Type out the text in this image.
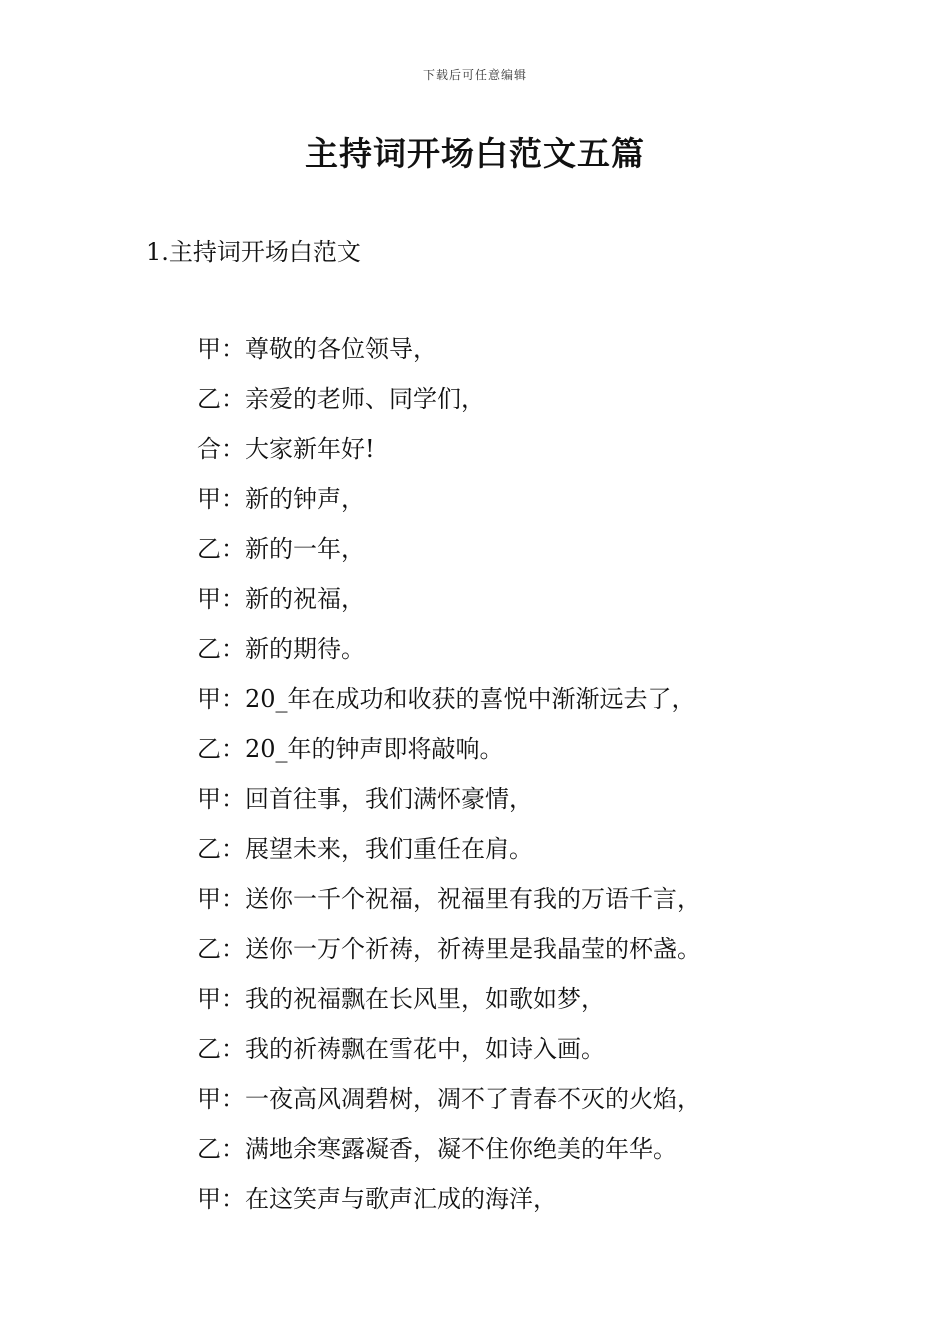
下载后可任意编辑
主持词开场白范文五篇
1.主持词开场白范文
甲：尊敬的各位领导，
乙：亲爱的老师、同学们，
合：大家新年好!
甲：新的钟声，
乙：新的一年，
甲：新的祝福，
乙：新的期待。
甲：20_年在成功和收获的喜悦中渐渐远去了，
乙：20_年的钟声即将敲响。
甲：回首往事，我们满怀豪情，
乙：展望未来，我们重任在肩。
甲：送你一千个祝福，祝福里有我的万语千言，
乙：送你一万个祈祷，祈祷里是我晶莹的杯盏。
甲：我的祝福飘在长风里，如歌如梦，
乙：我的祈祷飘在雪花中，如诗入画。
甲：一夜高风凋碧树，凋不了青春不灭的火焰，
乙：满地余寒露凝香，凝不住你绝美的年华。
甲：在这笑声与歌声汇成的海洋，
